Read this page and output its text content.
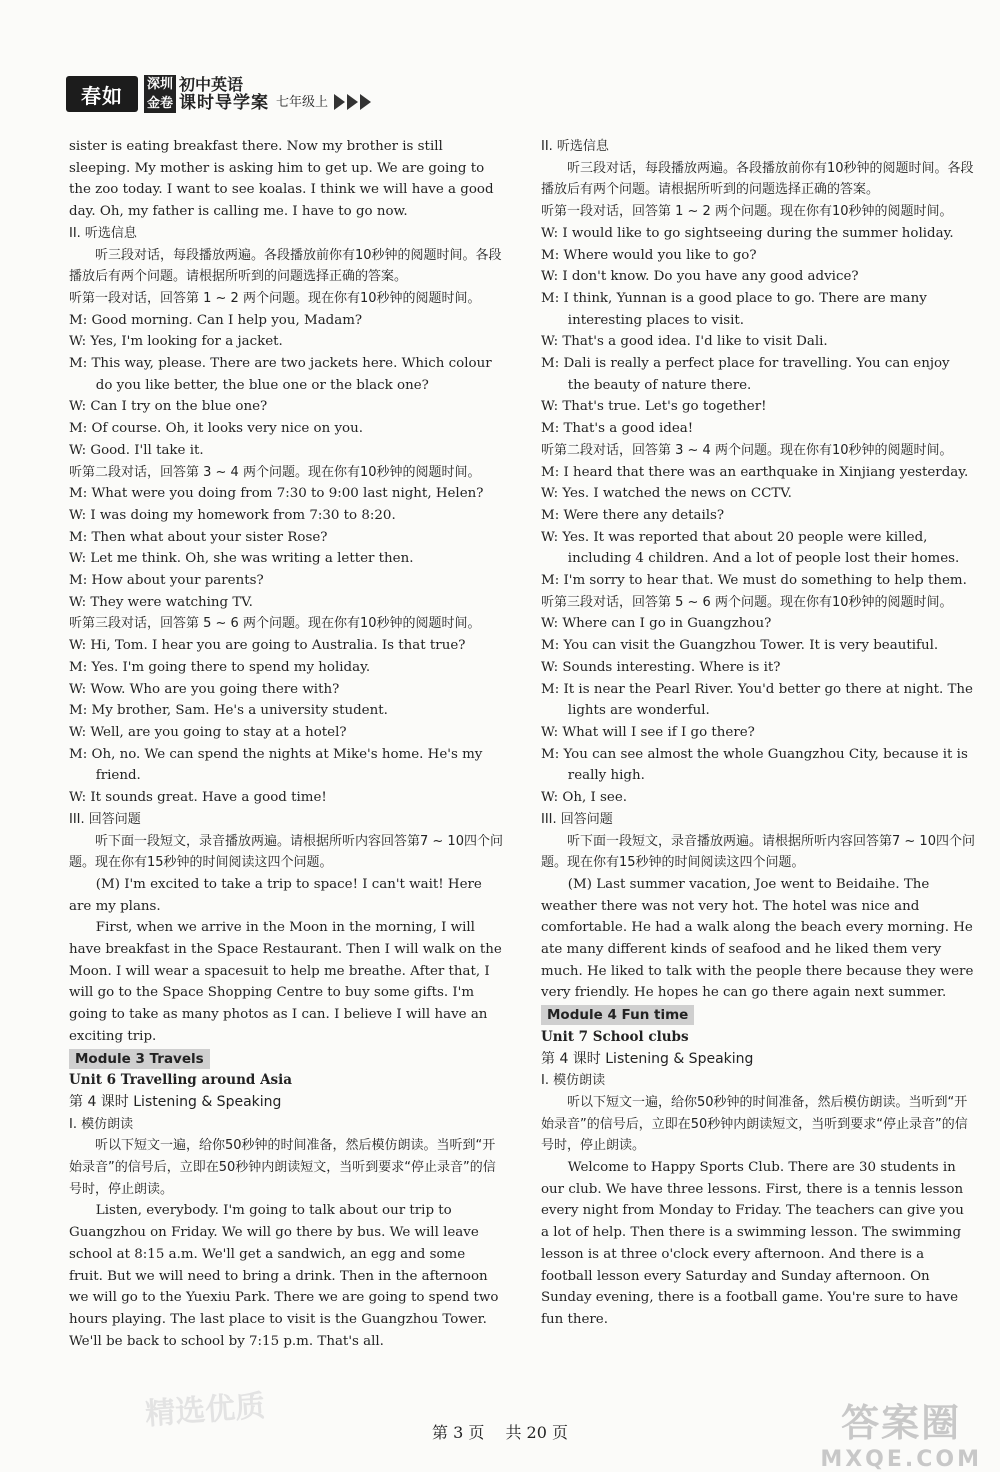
春如	深圳 初中英语
金卷 课时导学案 七年级上

sister is eating breakfast there. Now my brother is still sleeping. My mother is asking him to get up. We are going to the zoo today. I want to see koalas. I think we will have a good day. Oh, my father is calling me. I have to go now.

II. 听选信息

听三段对话，每段播放两遍。各段播放前你有10秒钟的阅题时间。各段播放后有两个问题。请根据所听到的问题选择正确的答案。

听第一段对话，回答第 1 ~ 2 两个问题。现在你有10秒钟的阅题时间。

M: Good morning. Can I help you, Madam?

W: Yes, I'm looking for a jacket.

M: This way, please. There are two jackets here. Which colour do you like better, the blue one or the black one?

W: Can I try on the blue one?

M: Of course. Oh, it looks very nice on you.

W: Good. I'll take it.

听第二段对话，回答第 3 ~ 4 两个问题。现在你有10秒钟的阅题时间。

M: What were you doing from 7:30 to 9:00 last night, Helen?

W: I was doing my homework from 7:30 to 8:20.

M: Then what about your sister Rose?

W: Let me think. Oh, she was writing a letter then.

M: How about your parents?

W: They were watching TV.

听第三段对话，回答第 5 ~ 6 两个问题。现在你有10秒钟的阅题时间。

W: Hi, Tom. I hear you are going to Australia. Is that true?

M: Yes. I'm going there to spend my holiday.

W: Wow. Who are you going there with?

M: My brother, Sam. He's a university student.

W: Well, are you going to stay at a hotel?

M: Oh, no. We can spend the nights at Mike's home. He's my friend.

W: It sounds great. Have a good time!

III. 回答问题

听下面一段短文，录音播放两遍。请根据所听内容回答第7 ~ 10四个问题。现在你有15秒钟的时间阅读这四个问题。

(M) I'm excited to take a trip to space! I can't wait! Here are my plans.

First, when we arrive in the Moon in the morning, I will have breakfast in the Space Restaurant. Then I will walk on the Moon. I will wear a spacesuit to help me breathe. After that, I will go to the Space Shopping Centre to buy some gifts. I'm going to take as many photos as I can. I believe I will have an exciting trip.

Module 3 Travels

Unit 6 Travelling around Asia

第 4 课时 Listening & Speaking

I. 模仿朗读

听以下短文一遍，给你50秒钟的时间准备，然后模仿朗读。当听到“开始录音”的信号后，立即在50秒钟内朗读短文，当听到要求“停止录音”的信号时，停止朗读。

Listen, everybody. I'm going to talk about our trip to Guangzhou on Friday. We will go there by bus. We will leave school at 8:15 a.m. We'll get a sandwich, an egg and some fruit. But we will need to bring a drink. Then in the afternoon we will go to the Yuexiu Park. There we are going to spend two hours playing. The last place to visit is the Guangzhou Tower. We'll be back to school by 7:15 p.m. That's all.

II. 听选信息

听三段对话，每段播放两遍。各段播放前你有10秒钟的阅题时间。各段播放后有两个问题。请根据所听到的问题选择正确的答案。

听第一段对话，回答第 1 ~ 2 两个问题。现在你有10秒钟的阅题时间。

W: I would like to go sightseeing during the summer holiday.

M: Where would you like to go?

W: I don't know. Do you have any good advice?

M: I think, Yunnan is a good place to go. There are many interesting places to visit.

W: That's a good idea. I'd like to visit Dali.

M: Dali is really a perfect place for travelling. You can enjoy the beauty of nature there.

W: That's true. Let's go together!

M: That's a good idea!

听第二段对话，回答第 3 ~ 4 两个问题。现在你有10秒钟的阅题时间。

M: I heard that there was an earthquake in Xinjiang yesterday.

W: Yes. I watched the news on CCTV.

M: Were there any details?

W: Yes. It was reported that about 20 people were killed, including 4 children. And a lot of people lost their homes.

M: I'm sorry to hear that. We must do something to help them.

听第三段对话，回答第 5 ~ 6 两个问题。现在你有10秒钟的阅题时间。

W: Where can I go in Guangzhou?

M: You can visit the Guangzhou Tower. It is very beautiful.

W: Sounds interesting. Where is it?

M: It is near the Pearl River. You'd better go there at night. The lights are wonderful.

W: What will I see if I go there?

M: You can see almost the whole Guangzhou City, because it is really high.

W: Oh, I see.

III. 回答问题

听下面一段短文，录音播放两遍。请根据所听内容回答第7 ~ 10四个问题。现在你有15秒钟的时间阅读这四个问题。

(M) Last summer vacation, Joe went to Beidaihe. The weather there was not very hot. The hotel was nice and comfortable. He had a walk along the beach every morning. He ate many different kinds of seafood and he liked them very much. He liked to talk with the people there because they were very friendly. He hopes he can go there again next summer.

Module 4 Fun time

Unit 7 School clubs

第 4 课时 Listening & Speaking

I. 模仿朗读

听以下短文一遍，给你50秒钟的时间准备，然后模仿朗读。当听到“开始录音”的信号后，立即在50秒钟内朗读短文，当听到要求“停止录音”的信号时，停止朗读。

Welcome to Happy Sports Club. There are 30 students in our club. We have three lessons. First, there is a tennis lesson every night from Monday to Friday. The teachers can give you a lot of help. Then there is a swimming lesson. The swimming lesson is at three o'clock every afternoon. And there is a football lesson every Saturday and Sunday afternoon. On Sunday evening, there is a football game. You're sure to have fun there.

精选优质	答案圈
MXQE.COM
第 3 页 共 20 页
